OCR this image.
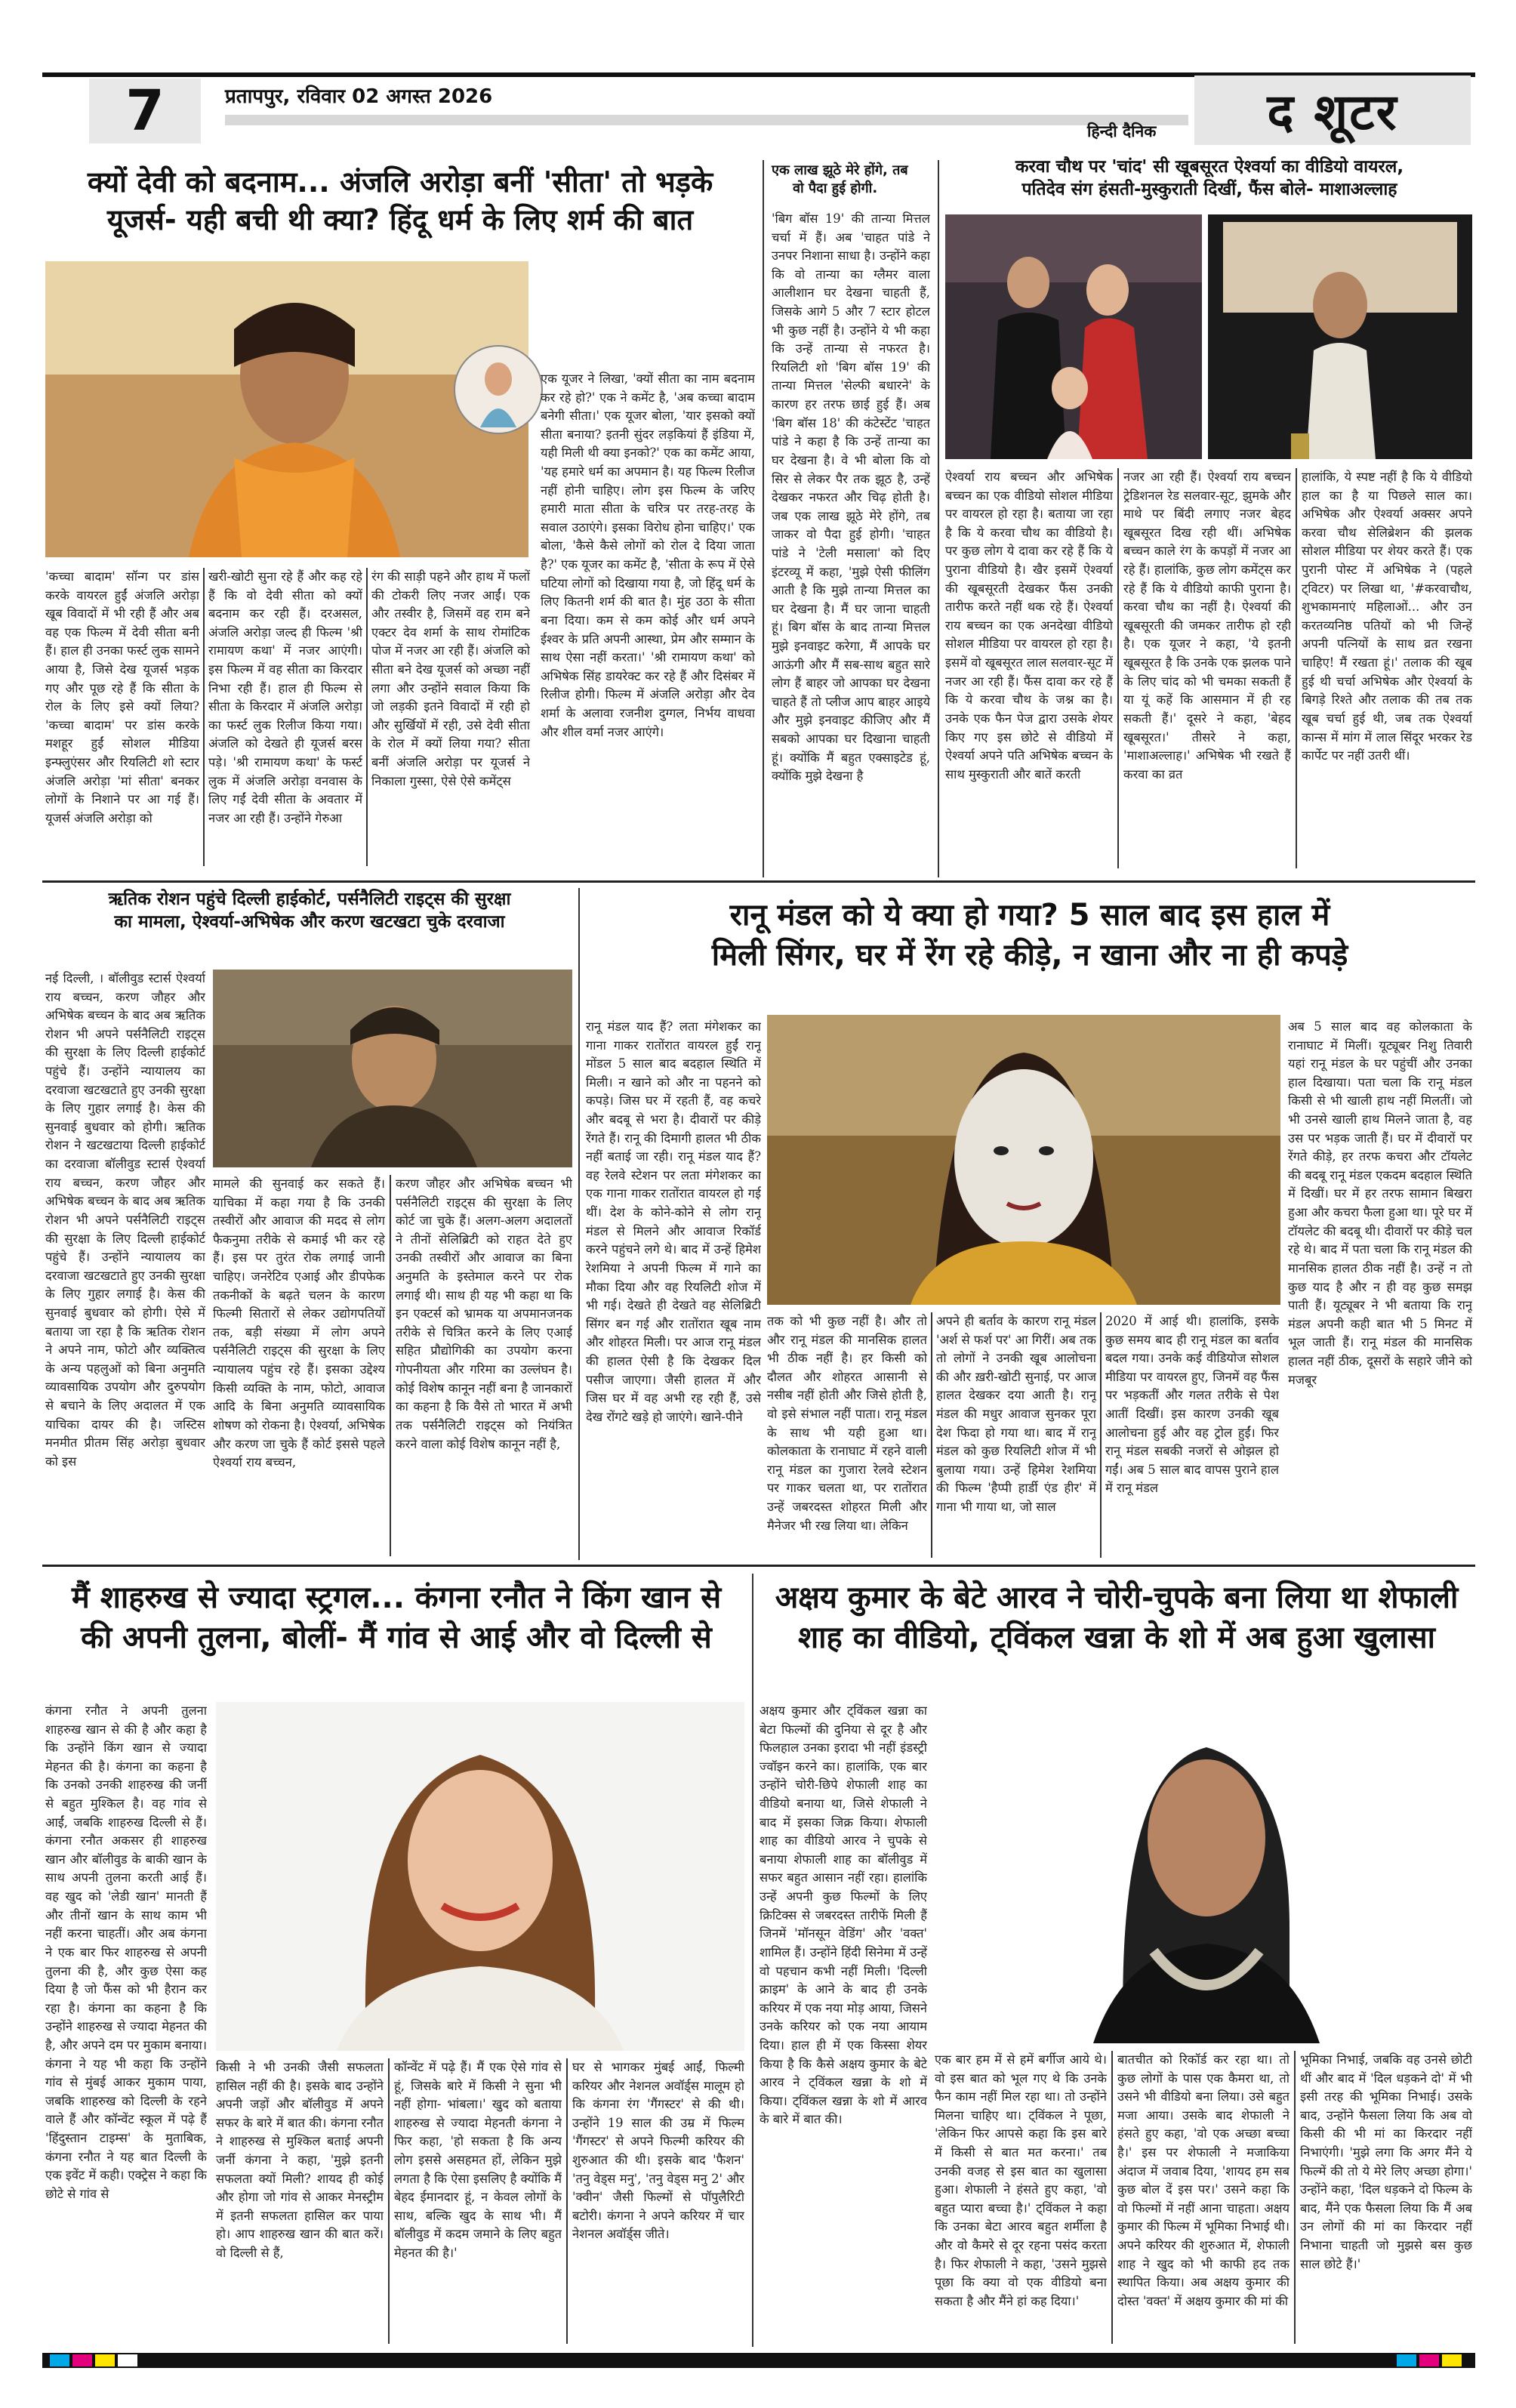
7	प्रतापपुर, रविवार 02 अगस्त 2026
हिन्दी दैनिक द शूटर
क्यों देवी को बदनाम... अंजलि अरोड़ा बनीं 'सीता' तो भड़के
यूजर्स- यही बची थी क्या? हिंदू धर्म के लिए शर्म की बात
'कच्चा बादाम' सॉन्ग पर डांस करके वायरल हुईं अंजलि अरोड़ा खूब विवादों में भी रही हैं और अब वह एक फिल्म में देवी सीता बनी हैं। हाल ही उनका फर्स्ट लुक सामने आया है, जिसे देख यूजर्स भड़क गए और पूछ रहे हैं कि सीता के रोल के लिए इसे क्यों लिया? 'कच्चा बादाम' पर डांस करके मशहूर हुईं सोशल मीडिया इन्फ्लुएंसर और रियलिटी शो स्टार अंजलि अरोड़ा 'मां सीता' बनकर लोगों के निशाने पर आ गई हैं। यूजर्स अंजलि अरोड़ा को
खरी-खोटी सुना रहे हैं और कह रहे हैं कि वो देवी सीता को क्यों बदनाम कर रही हैं। दरअसल, अंजलि अरोड़ा जल्द ही फिल्म 'श्री रामायण कथा' में नजर आएंगी। इस फिल्म में वह सीता का किरदार निभा रही हैं। हाल ही फिल्म से सीता के किरदार में अंजलि अरोड़ा का फर्स्ट लुक रिलीज किया गया। अंजलि को देखते ही यूजर्स बरस पड़े। 'श्री रामायण कथा' के फर्स्ट लुक में अंजलि अरोड़ा वनवास के लिए गईं देवी सीता के अवतार में नजर आ रही हैं। उन्होंने गेरुआ
रंग की साड़ी पहने और हाथ में फलों की टोकरी लिए नजर आईं। एक और तस्वीर है, जिसमें वह राम बने एक्टर देव शर्मा के साथ रोमांटिक पोज में नजर आ रही हैं। अंजलि को सीता बने देख यूजर्स को अच्छा नहीं लगा और उन्होंने सवाल किया कि जो लड़की इतने विवादों में रही हो और सुर्खियों में रही, उसे देवी सीता के रोल में क्यों लिया गया? सीता बनीं अंजलि अरोड़ा पर यूजर्स ने निकाला गुस्सा, ऐसे ऐसे कमेंट्स
एक यूजर ने लिखा, 'क्यों सीता का नाम बदनाम कर रहे हो?' एक ने कमेंट है, 'अब कच्चा बादाम बनेगी सीता।' एक यूजर बोला, 'यार इसको क्यों सीता बनाया? इतनी सुंदर लड़कियां हैं इंडिया में, यही मिली थी क्या इनको?' एक का कमेंट आया, 'यह हमारे धर्म का अपमान है। यह फिल्म रिलीज नहीं होनी चाहिए। लोग इस फिल्म के जरिए हमारी माता सीता के चरित्र पर तरह-तरह के सवाल उठाएंगे। इसका विरोध होना चाहिए।' एक बोला, 'कैसे कैसे लोगों को रोल दे दिया जाता है?' एक यूजर का कमेंट है, 'सीता के रूप में ऐसे घटिया लोगों को दिखाया गया है, जो हिंदू धर्म के लिए कितनी शर्म की बात है। मुंह उठा के सीता बना दिया। कम से कम कोई और धर्म अपने ईश्वर के प्रति अपनी आस्था, प्रेम और सम्मान के साथ ऐसा नहीं करता।' 'श्री रामायण कथा' को अभिषेक सिंह डायरेक्ट कर रहे हैं और दिसंबर में रिलीज होगी। फिल्म में अंजलि अरोड़ा और देव शर्मा के अलावा रजनीश दुग्गल, निर्भय वाधवा और शील वर्मा नजर आएंगे।
एक लाख झूठे मेरे होंगे, तब
वो पैदा हुई होगी.
'बिग बॉस 19' की तान्या मित्तल चर्चा में हैं। अब 'चाहत पांडे ने उनपर निशाना साधा है। उन्होंने कहा कि वो तान्या का ग्लैमर वाला आलीशान घर देखना चाहती हैं, जिसके आगे 5 और 7 स्टार होटल भी कुछ नहीं है। उन्होंने ये भी कहा कि उन्हें तान्या से नफरत है। रियलिटी शो 'बिग बॉस 19' की तान्या मित्तल 'सेल्फी बधारने' के कारण हर तरफ छाई हुई हैं। अब 'बिग बॉस 18' की कंटेस्टेंट 'चाहत पांडे ने कहा है कि उन्हें तान्या का घर देखना है। वे भी बोला कि वो सिर से लेकर पैर तक झूठ है, उन्हें देखकर नफरत और चिढ़ होती है। जब एक लाख झूठे मेरे होंगे, तब जाकर वो पैदा हुई होगी। 'चाहत पांडे ने 'टेली मसाला' को दिए इंटरव्यू में कहा, 'मुझे ऐसी फीलिंग आती है कि मुझे तान्या मित्तल का घर देखना है। मैं घर जाना चाहती हूं। बिग बॉस के बाद तान्या मित्तल मुझे इनवाइट करेगा, मैं आपके घर आऊंगी और मैं सब-साथ बहुत सारे लोग हैं बाहर जो आपका घर देखना चाहते हैं तो प्लीज आप बाहर आइये और मुझे इनवाइट कीजिए और मैं सबको आपका घर दिखाना चाहती हूं। क्योंकि मैं बहुत एक्साइटेड हूं, क्योंकि मुझे देखना है
करवा चौथ पर 'चांद' सी खूबसूरत ऐश्वर्या का वीडियो वायरल,
पतिदेव संग हंसती-मुस्कुराती दिखीं, फैंस बोले- माशाअल्लाह
ऐश्वर्या राय बच्चन और अभिषेक बच्चन का एक वीडियो सोशल मीडिया पर वायरल हो रहा है। बताया जा रहा है कि ये करवा चौथ का वीडियो है। पर कुछ लोग ये दावा कर रहे हैं कि ये पुराना वीडियो है। खैर इसमें ऐश्वर्या की खूबसूरती देखकर फैंस उनकी तारीफ करते नहीं थक रहे हैं। ऐश्वर्या राय बच्चन का एक अनदेखा वीडियो सोशल मीडिया पर वायरल हो रहा है। इसमें वो खूबसूरत लाल सलवार-सूट में नजर आ रही हैं। फैंस दावा कर रहे हैं कि ये करवा चौथ के जश्न का है। उनके एक फैन पेज द्वारा उसके शेयर किए गए इस छोटे से वीडियो में ऐश्वर्या अपने पति अभिषेक बच्चन के साथ मुस्कुराती और बातें करती
नजर आ रही हैं। ऐश्वर्या राय बच्चन ट्रेडिशनल रेड सलवार-सूट, झुमके और माथे पर बिंदी लगाए नजर बेहद खूबसूरत दिख रही थीं। अभिषेक बच्चन काले रंग के कपड़ों में नजर आ रहे हैं। हालांकि, कुछ लोग कमेंट्स कर रहे हैं कि ये वीडियो काफी पुराना है। करवा चौथ का नहीं है। ऐश्वर्या की खूबसूरती की जमकर तारीफ हो रही है। एक यूजर ने कहा, 'ये इतनी खूबसूरत है कि उनके एक झलक पाने के लिए चांद को भी चमका सकती हैं या यूं कहें कि आसमान में ही रह सकती हैं।' दूसरे ने कहा, 'बेहद खूबसूरत।' तीसरे ने कहा, 'माशाअल्लाह।' अभिषेक भी रखते हैं करवा का व्रत
हालांकि, ये स्पष्ट नहीं है कि ये वीडियो हाल का है या पिछले साल का। अभिषेक और ऐश्वर्या अक्सर अपने करवा चौथ सेलिब्रेशन की झलक सोशल मीडिया पर शेयर करते हैं। एक पुरानी पोस्ट में अभिषेक ने (पहले ट्विटर) पर लिखा था, '#करवाचौथ, शुभकामनाएं महिलाओं... और उन करतव्यनिष्ठ पतियों को भी जिन्हें अपनी पत्नियों के साथ व्रत रखना चाहिए! मैं रखता हूं।' तलाक की खूब हुई थी चर्चा अभिषेक और ऐश्वर्या के बिगड़े रिश्ते और तलाक की तब तक खूब चर्चा हुई थी, जब तक ऐश्वर्या कान्स में मांग में लाल सिंदूर भरकर रेड कार्पेट पर नहीं उतरी थीं।
ऋतिक रोशन पहुंचे दिल्ली हाईकोर्ट, पर्सनैलिटी राइट्स की सुरक्षा
का मामला, ऐश्वर्या-अभिषेक और करण खटखटा चुके दरवाजा
नई दिल्ली, । बॉलीवुड स्टार्स ऐश्वर्या राय बच्चन, करण जौहर और अभिषेक बच्चन के बाद अब ऋतिक रोशन भी अपने पर्सनैलिटी राइट्स की सुरक्षा के लिए दिल्ली हाईकोर्ट पहुंचे हैं। उन्होंने न्यायालय का दरवाजा खटखटाते हुए उनकी सुरक्षा के लिए गुहार लगाई है। केस की सुनवाई बुधवार को होगी। ऋतिक रोशन ने खटखटाया दिल्ली हाईकोर्ट का दरवाजा बॉलीवुड स्टार्स ऐश्वर्या राय बच्चन, करण जौहर और अभिषेक बच्चन के बाद अब ऋतिक रोशन भी अपने पर्सनैलिटी राइट्स की सुरक्षा के लिए दिल्ली हाईकोर्ट पहुंचे हैं। उन्होंने न्यायालय का दरवाजा खटखटाते हुए उनकी सुरक्षा के लिए गुहार लगाई है। केस की सुनवाई बुधवार को होगी। ऐसे में बताया जा रहा है कि ऋतिक रोशन ने अपने नाम, फोटो और व्यक्तित्व के अन्य पहलुओं को बिना अनुमति व्यावसायिक उपयोग और दुरुपयोग से बचाने के लिए अदालत में एक याचिका दायर की है। जस्टिस मनमीत प्रीतम सिंह अरोड़ा बुधवार को इस
मामले की सुनवाई कर सकते हैं। याचिका में कहा गया है कि उनकी तस्वीरों और आवाज की मदद से लोग फैकनुमा तरीके से कमाई भी कर रहे हैं। इस पर तुरंत रोक लगाई जानी चाहिए। जनरेटिव एआई और डीपफेक तकनीकों के बढ़ते चलन के कारण फिल्मी सितारों से लेकर उद्योगपतियों तक, बड़ी संख्या में लोग अपने पर्सनैलिटी राइट्स की सुरक्षा के लिए न्यायालय पहुंच रहे हैं। इसका उद्देश्य किसी व्यक्ति के नाम, फोटो, आवाज आदि के बिना अनुमति व्यावसायिक शोषण को रोकना है। ऐश्वर्या, अभिषेक और करण जा चुके हैं कोर्ट इससे पहले ऐश्वर्या राय बच्चन,
करण जौहर और अभिषेक बच्चन भी पर्सनैलिटी राइट्स की सुरक्षा के लिए कोर्ट जा चुके हैं। अलग-अलग अदालतों ने तीनों सेलिब्रिटी को राहत देते हुए उनकी तस्वीरों और आवाज का बिना अनुमति के इस्तेमाल करने पर रोक लगाई थी। साथ ही यह भी कहा था कि इन एक्टर्स को भ्रामक या अपमानजनक तरीके से चित्रित करने के लिए एआई सहित प्रौद्योगिकी का उपयोग करना गोपनीयता और गरिमा का उल्लंघन है। कोई विशेष कानून नहीं बना है जानकारों का कहना है कि वैसे तो भारत में अभी तक पर्सनैलिटी राइट्स को नियंत्रित करने वाला कोई विशेष कानून नहीं है,
रानू मंडल को ये क्या हो गया? 5 साल बाद इस हाल में
मिली सिंगर, घर में रेंग रहे कीड़े, न खाना और ना ही कपड़े
रानू मंडल याद हैं? लता मंगेशकर का गाना गाकर रातोंरात वायरल हुईं रानू मोंडल 5 साल बाद बदहाल स्थिति में मिली। न खाने को और ना पहनने को कपड़े। जिस घर में रहती हैं, वह कचरे और बदबू से भरा है। दीवारों पर कीड़े रेंगते हैं। रानू की दिमागी हालत भी ठीक नहीं बताई जा रही। रानू मंडल याद हैं? वह रेलवे स्टेशन पर लता मंगेशकर का एक गाना गाकर रातोंरात वायरल हो गई थीं। देश के कोने-कोने से लोग रानू मंडल से मिलने और आवाज रिकॉर्ड करने पहुंचने लगे थे। बाद में उन्हें हिमेश रेशमिया ने अपनी फिल्म में गाने का मौका दिया और वह रियलिटी शोज में भी गई। देखते ही देखते वह सेलिब्रिटी सिंगर बन गई और रातोंरात खूब नाम और शोहरत मिली। पर आज रानू मंडल की हालत ऐसी है कि देखकर दिल पसीज जाएगा। जैसी हालत में और जिस घर में वह अभी रह रही हैं, उसे देख रोंगटे खड़े हो जाएंगे। खाने-पीने
तक को भी कुछ नहीं है। और तो और रानू मंडल की मानसिक हालत भी ठीक नहीं है। हर किसी को दौलत और शोहरत आसानी से नसीब नहीं होती और जिसे होती है, वो इसे संभाल नहीं पाता। रानू मंडल के साथ भी यही हुआ था। कोलकाता के रानाघाट में रहने वाली रानू मंडल का गुजारा रेलवे स्टेशन पर गाकर चलता था, पर रातोंरात उन्हें जबरदस्त शोहरत मिली और मैनेजर भी रख लिया था। लेकिन
अपने ही बर्ताव के कारण रानू मंडल 'अर्श से फर्श पर' आ गिरीं। अब तक तो लोगों ने उनकी खूब आलोचना की और ख़री-खोटी सुनाई, पर आज हालत देखकर दया आती है। रानू मंडल की मधुर आवाज सुनकर पूरा देश फिदा हो गया था। बाद में रानू मंडल को कुछ रियलिटी शोज में भी बुलाया गया। उन्हें हिमेश रेशमिया की फिल्म 'हैप्पी हार्डी एंड हीर' में गाना भी गाया था, जो साल
2020 में आई थी। हालांकि, इसके कुछ समय बाद ही रानू मंडल का बर्ताव बदल गया। उनके कई वीडियोज सोशल मीडिया पर वायरल हुए, जिनमें वह फैंस पर भड़कतीं और गलत तरीके से पेश आतीं दिखीं। इस कारण उनकी खूब आलोचना हुई और वह ट्रोल हुईं। फिर रानू मंडल सबकी नजरों से ओझल हो गईं। अब 5 साल बाद वापस पुराने हाल में रानू मंडल
अब 5 साल बाद वह कोलकाता के रानाघाट में मिलीं। यूट्यूबर निशु तिवारी यहां रानू मंडल के घर पहुंचीं और उनका हाल दिखाया। पता चला कि रानू मंडल किसी से भी खाली हाथ नहीं मिलतीं। जो भी उनसे खाली हाथ मिलने जाता है, वह उस पर भड़क जाती हैं। घर में दीवारों पर रेंगते कीड़े, हर तरफ कचरा और टॉयलेट की बदबू रानू मंडल एकदम बदहाल स्थिति में दिखीं। घर में हर तरफ सामान बिखरा हुआ और कचरा फैला हुआ था। पूरे घर में टॉयलेट की बदबू थी। दीवारों पर कीड़े चल रहे थे। बाद में पता चला कि रानू मंडल की मानसिक हालत ठीक नहीं है। उन्हें न तो कुछ याद है और न ही वह कुछ समझ पाती हैं। यूट्यूबर ने भी बताया कि रानू मंडल अपनी कही बात भी 5 मिनट में भूल जाती हैं। रानू मंडल की मानसिक हालत नहीं ठीक, दूसरों के सहारे जीने को मजबूर
मैं शाहरुख से ज्यादा स्ट्रगल... कंगना रनौत ने किंग खान से
की अपनी तुलना, बोलीं- मैं गांव से आई और वो दिल्ली से
कंगना रनौत ने अपनी तुलना शाहरुख खान से की है और कहा है कि उन्होंने किंग खान से ज्यादा मेहनत की है। कंगना का कहना है कि उनको उनकी शाहरुख की जर्नी से बहुत मुश्किल है। वह गांव से आईं, जबकि शाहरुख दिल्ली से हैं। कंगना रनौत अकसर ही शाहरुख खान और बॉलीवुड के बाकी खान के साथ अपनी तुलना करती आई हैं। वह खुद को 'लेडी खान' मानती हैं और तीनों खान के साथ काम भी नहीं करना चाहतीं। और अब कंगना ने एक बार फिर शाहरुख से अपनी तुलना की है, और कुछ ऐसा कह दिया है जो फैंस को भी हैरान कर रहा है। कंगना का कहना है कि उन्होंने शाहरुख से ज्यादा मेहनत की है, और अपने दम पर मुकाम बनाया। कंगना ने यह भी कहा कि उन्होंने गांव से मुंबई आकर मुकाम पाया, जबकि शाहरुख को दिल्ली के रहने वाले हैं और कॉन्वेंट स्कूल में पढ़े हैं 'हिंदुस्तान टाइम्स' के मुताबिक, कंगना रनौत ने यह बात दिल्ली के एक इवेंट में कही। एक्ट्रेस ने कहा कि छोटे से गांव से
किसी ने भी उनकी जैसी सफलता हासिल नहीं की है। इसके बाद उन्होंने अपनी जड़ों और बॉलीवुड में अपने सफर के बारे में बात की। कंगना रनौत ने शाहरुख से मुश्किल बताई अपनी जर्नी कंगना ने कहा, 'मुझे इतनी सफलता क्यों मिली? शायद ही कोई और होगा जो गांव से आकर मेनस्ट्रीम में इतनी सफलता हासिल कर पाया हो। आप शाहरुख खान की बात करें। वो दिल्ली से हैं,
कॉन्वेंट में पढ़े हैं। मैं एक ऐसे गांव से हूं, जिसके बारे में किसी ने सुना भी नहीं होगा- भांबला।' खुद को बताया शाहरुख से ज्यादा मेहनती कंगना ने फिर कहा, 'हो सकता है कि अन्य लोग इससे असहमत हों, लेकिन मुझे लगता है कि ऐसा इसलिए है क्योंकि मैं बेहद ईमानदार हूं, न केवल लोगों के साथ, बल्कि खुद के साथ भी। मैं बॉलीवुड में कदम जमाने के लिए बहुत मेहनत की है।'
घर से भागकर मुंबई आईं, फिल्मी करियर और नेशनल अवॉर्ड्स मालूम हो कि कंगना रंग 'गैंगस्टर' से की थी। उन्होंने 19 साल की उम्र में फिल्म 'गैंगस्टर' से अपने फिल्मी करियर की शुरुआत की थी। इसके बाद 'फैशन' 'तनु वेड्स मनु', 'तनु वेड्स मनु 2' और 'क्वीन' जैसी फिल्मों से पॉपुलैरिटी बटोरी। कंगना ने अपने करियर में चार नेशनल अवॉर्ड्स जीते।
अक्षय कुमार के बेटे आरव ने चोरी-चुपके बना लिया था शेफाली
शाह का वीडियो, ट्विंकल खन्ना के शो में अब हुआ खुलासा
अक्षय कुमार और ट्विंकल खन्ना का बेटा फिल्मों की दुनिया से दूर है और फिलहाल उनका इरादा भी नहीं इंडस्ट्री ज्वॉइन करने का। हालांकि, एक बार उन्होंने चोरी-छिपे शेफाली शाह का वीडियो बनाया था, जिसे शेफाली ने बाद में इसका जिक्र किया। शेफाली शाह का वीडियो आरव ने चुपके से बनाया शेफाली शाह का बॉलीवुड में सफर बहुत आसान नहीं रहा। हालांकि उन्हें अपनी कुछ फिल्मों के लिए क्रिटिक्स से जबरदस्त तारीफें मिली हैं जिनमें 'मॉनसून वेडिंग' और 'वक्त' शामिल हैं। उन्होंने हिंदी सिनेमा में उन्हें वो पहचान कभी नहीं मिली। 'दिल्ली क्राइम' के आने के बाद ही उनके करियर में एक नया मोड़ आया, जिसने उनके करियर को एक नया आयाम दिया। हाल ही में एक किस्सा शेयर किया है कि कैसे अक्षय कुमार के बेटे आरव ने ट्विंकल खन्ना के शो में किया। ट्विंकल खन्ना के शो में आरव के बारे में बात की।
एक बार हम में से हमें बर्गीज आये थे। वो इस बात को भूल गए थे कि उनके फैन काम नहीं मिल रहा था। तो उन्होंने मिलना चाहिए था। ट्विंकल ने पूछा, 'लेकिन फिर आपसे कहा कि इस बारे में किसी से बात मत करना।' तब उनकी वजह से इस बात का खुलासा हुआ। शेफाली ने हंसते हुए कहा, 'वो बहुत प्यारा बच्चा है।' ट्विंकल ने कहा कि उनका बेटा आरव बहुत शर्मीला है और वो कैमरे से दूर रहना पसंद करता है। फिर शेफाली ने कहा, 'उसने मुझसे पूछा कि क्या वो एक वीडियो बना सकता है और मैंने हां कह दिया।'
बातचीत को रिकॉर्ड कर रहा था। तो कुछ लोगों के पास एक कैमरा था, तो उसने भी वीडियो बना लिया। उसे बहुत मजा आया। उसके बाद शेफाली ने हंसते हुए कहा, 'वो एक अच्छा बच्चा है।' इस पर शेफाली ने मजाकिया अंदाज में जवाब दिया, 'शायद हम सब कुछ बोल दें इस पर।' उसने कहा कि वो फिल्मों में नहीं आना चाहता। अक्षय कुमार की फिल्म में भूमिका निभाई थी। अपने करियर की शुरुआत में, शेफाली शाह ने खुद को भी काफी हद तक स्थापित किया। अब अक्षय कुमार की दोस्त 'वक्त' में अक्षय कुमार की मां की
भूमिका निभाई, जबकि वह उनसे छोटी थीं और बाद में 'दिल धड़कने दो' में भी इसी तरह की भूमिका निभाई। उसके बाद, उन्होंने फैसला लिया कि अब वो किसी की भी मां का किरदार नहीं निभाएंगी। 'मुझे लगा कि अगर मैंने ये फिल्में की तो ये मेरे लिए अच्छा होगा।' उन्होंने कहा, 'दिल धड़कने दो फिल्म के बाद, मैंने एक फैसला लिया कि मैं अब उन लोगों की मां का किरदार नहीं निभाना चाहती जो मुझसे बस कुछ साल छोटे हैं।'
